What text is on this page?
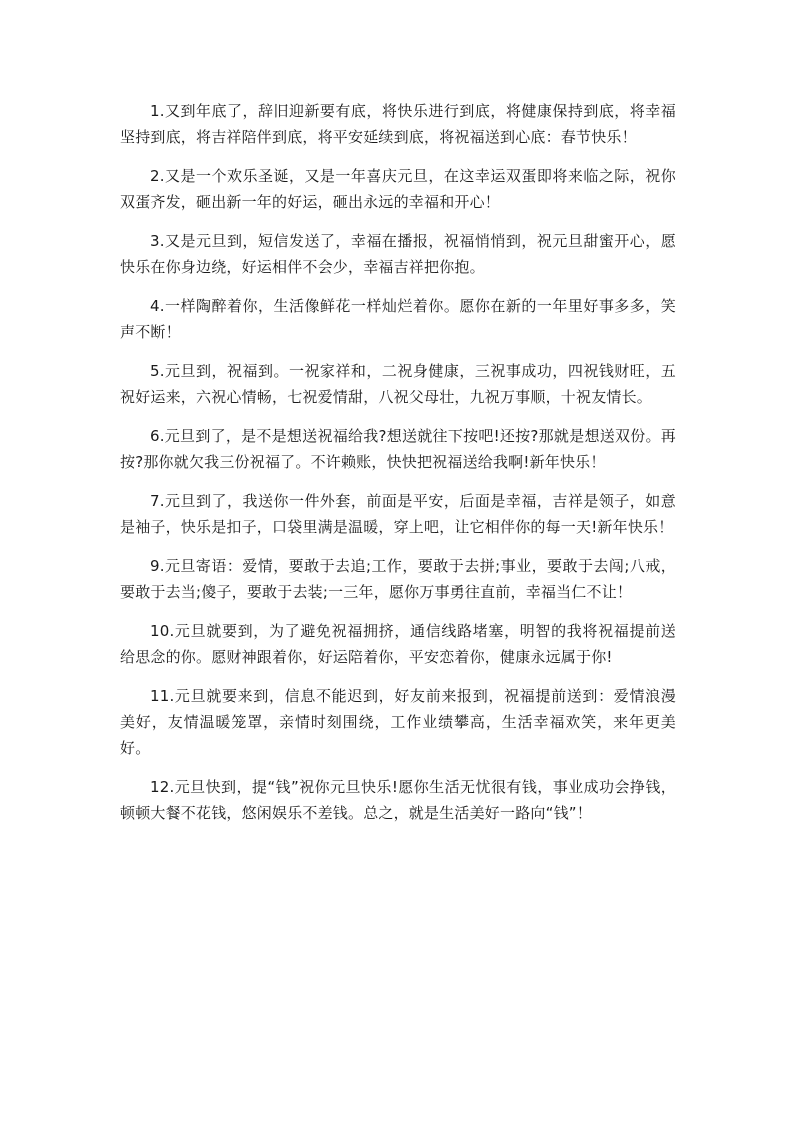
1.又到年底了，辞旧迎新要有底，将快乐进行到底，将健康保持到底，将幸福坚持到底，将吉祥陪伴到底，将平安延续到底，将祝福送到心底：春节快乐！

2.又是一个欢乐圣诞，又是一年喜庆元旦，在这幸运双蛋即将来临之际，祝你双蛋齐发，砸出新一年的好运，砸出永远的幸福和开心！

3.又是元旦到，短信发送了，幸福在播报，祝福悄悄到，祝元旦甜蜜开心，愿快乐在你身边绕，好运相伴不会少，幸福吉祥把你抱。

4.一样陶醉着你，生活像鲜花一样灿烂着你。愿你在新的一年里好事多多，笑声不断！

5.元旦到，祝福到。一祝家祥和，二祝身健康，三祝事成功，四祝钱财旺，五祝好运来，六祝心情畅，七祝爱情甜，八祝父母壮，九祝万事顺，十祝友情长。

6.元旦到了，是不是想送祝福给我?想送就往下按吧!还按?那就是想送双份。再按?那你就欠我三份祝福了。不许赖账，快快把祝福送给我啊!新年快乐！

7.元旦到了，我送你一件外套，前面是平安，后面是幸福，吉祥是领子，如意是袖子，快乐是扣子，口袋里满是温暖，穿上吧，让它相伴你的每一天!新年快乐！

9.元旦寄语：爱情，要敢于去追;工作，要敢于去拼;事业，要敢于去闯;八戒，要敢于去当;傻子，要敢于去装;一三年，愿你万事勇往直前，幸福当仁不让！

10.元旦就要到，为了避免祝福拥挤，通信线路堵塞，明智的我将祝福提前送给思念的你。愿财神跟着你，好运陪着你，平安恋着你，健康永远属于你!

11.元旦就要来到，信息不能迟到，好友前来报到，祝福提前送到：爱情浪漫美好，友情温暖笼罩，亲情时刻围绕，工作业绩攀高，生活幸福欢笑，来年更美好。

12.元旦快到，提“钱”祝你元旦快乐!愿你生活无忧很有钱，事业成功会挣钱，顿顿大餐不花钱，悠闲娱乐不差钱。总之，就是生活美好一路向“钱”！
